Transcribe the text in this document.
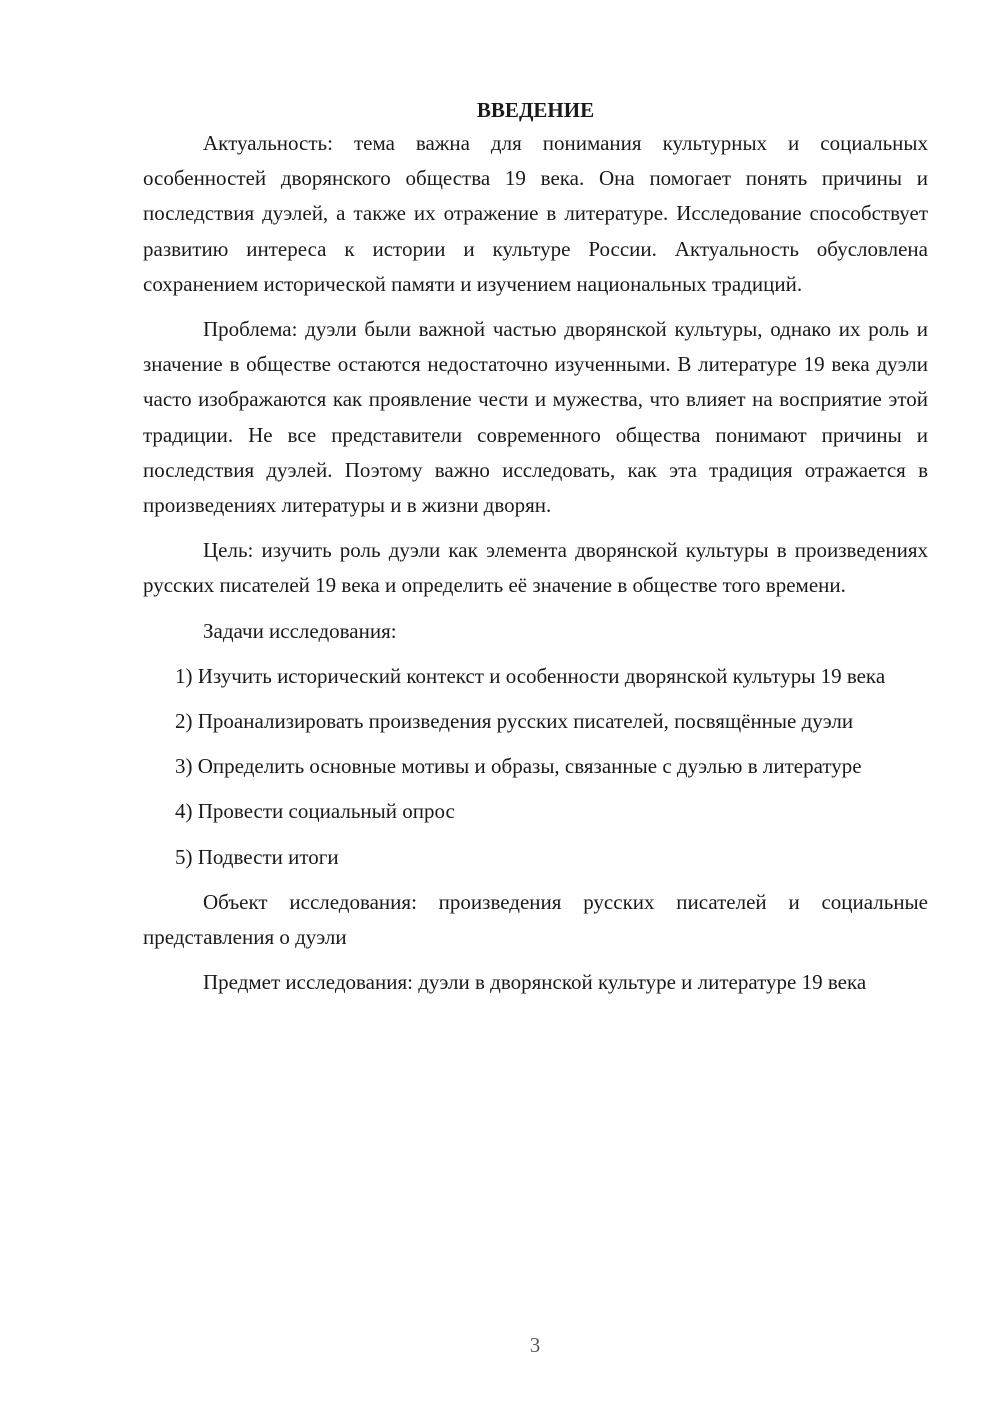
ВВЕДЕНИЕ

Актуальность: тема важна для понимания культурных и социальных особенностей дворянского общества 19 века. Она помогает понять причины и последствия дуэлей, а также их отражение в литературе. Исследование способствует развитию интереса к истории и культуре России. Актуальность обусловлена сохранением исторической памяти и изучением национальных традиций.

Проблема: дуэли были важной частью дворянской культуры, однако их роль и значение в обществе остаются недостаточно изученными. В литературе 19 века дуэли часто изображаются как проявление чести и мужества, что влияет на восприятие этой традиции. Не все представители современного общества понимают причины и последствия дуэлей. Поэтому важно исследовать, как эта традиция отражается в произведениях литературы и в жизни дворян.

Цель: изучить роль дуэли как элемента дворянской культуры в произведениях русских писателей 19 века и определить её значение в обществе того времени.

Задачи исследования:

1) Изучить исторический контекст и особенности дворянской культуры 19 века

2) Проанализировать произведения русских писателей, посвящённые дуэли

3) Определить основные мотивы и образы, связанные с дуэлью в литературе

4) Провести социальный опрос

5) Подвести итоги

Объект исследования: произведения русских писателей и социальные представления о дуэли

Предмет исследования: дуэли в дворянской культуре и литературе 19 века

3
